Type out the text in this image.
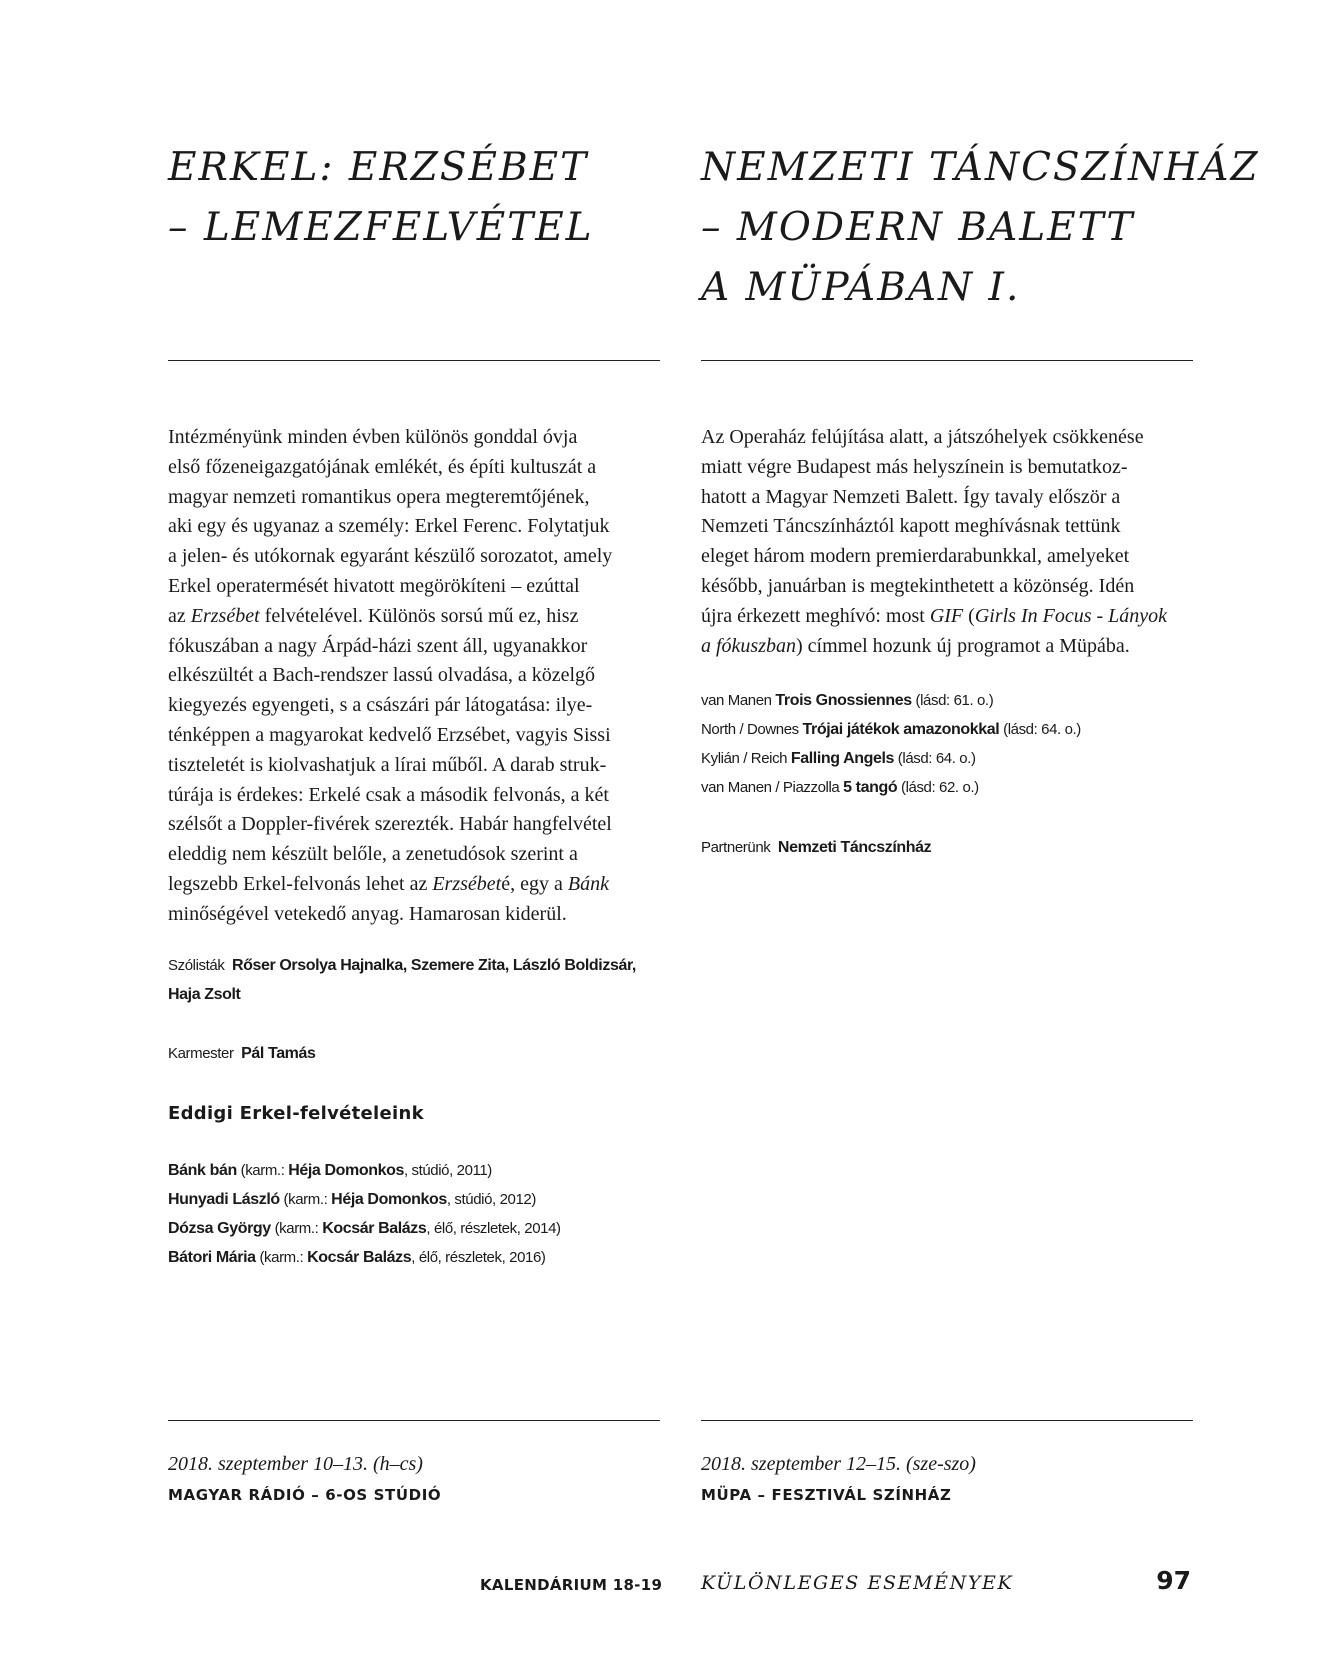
ERKEL: ERZSÉBET
– LEMEZFELVÉTEL
Intézményünk minden évben különös gonddal óvja
első főzeneigazgatójának emlékét, és építi kultuszát a
magyar nemzeti romantikus opera megteremtőjének,
aki egy és ugyanaz a személy: Erkel Ferenc. Folytatjuk
a jelen- és utókornak egyaránt készülő sorozatot, amely
Erkel operatermését hivatott megörökíteni – ezúttal
az Erzsébet felvételével. Különös sorsú mű ez, hisz
fókuszában a nagy Árpád-házi szent áll, ugyanakkor
elkészültét a Bach-rendszer lassú olvadása, a közelgő
kiegyezés egyengeti, s a császári pár látogatása: ilye-
ténképpen a magyarokat kedvelő Erzsébet, vagyis Sissi
tiszteletét is kiolvashatjuk a lírai műből. A darab struk-
túrája is érdekes: Erkelé csak a második felvonás, a két
szélsőt a Doppler-fivérek szerezték. Habár hangfelvétel
eleddig nem készült belőle, a zenetudósok szerint a
legszebb Erkel-felvonás lehet az Erzsébeté, egy a Bánk
minőségével vetekedő anyag. Hamarosan kiderül.
Szólisták Rőser Orsolya Hajnalka, Szemere Zita, László Boldizsár,
Haja Zsolt
Karmester Pál Tamás
Eddigi Erkel-felvételeink
Bánk bán (karm.: Héja Domonkos, stúdió, 2011)
Hunyadi László (karm.: Héja Domonkos, stúdió, 2012)
Dózsa György (karm.: Kocsár Balázs, élő, részletek, 2014)
Bátori Mária (karm.: Kocsár Balázs, élő, részletek, 2016)
2018. szeptember 10–13. (h–cs)
MAGYAR RÁDIÓ – 6-OS STÚDIÓ
NEMZETI TÁNCSZÍNHÁZ
– MODERN BALETT
A MÜPÁBAN I.
Az Operaház felújítása alatt, a játszóhelyek csökkenése
miatt végre Budapest más helyszínein is bemutatkoz-
hatott a Magyar Nemzeti Balett. Így tavaly először a
Nemzeti Táncszínháztól kapott meghívásnak tettünk
eleget három modern premierdarabunkkal, amelyeket
később, januárban is megtekinthetett a közönség. Idén
újra érkezett meghívó: most GIF (Girls In Focus - Lányok
a fókuszban) címmel hozunk új programot a Müpába.
van Manen Trois Gnossiennes (lásd: 61. o.)
North / Downes Trójai játékok amazonokkal (lásd: 64. o.)
Kylián / Reich Falling Angels (lásd: 64. o.)
van Manen / Piazzolla 5 tangó (lásd: 62. o.)
Partnerünk Nemzeti Táncszínház
2018. szeptember 12–15. (sze-szo)
MÜPA – FESZTIVÁL SZÍNHÁZ
KALENDÁRIUM 18-19 KÜLÖNLEGES ESEMÉNYEK	97
